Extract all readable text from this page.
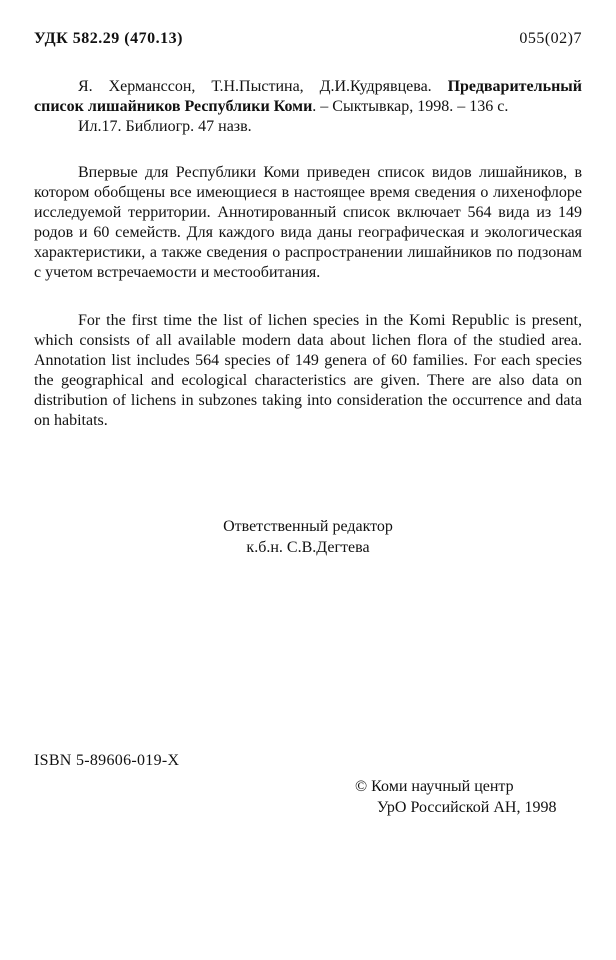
УДК 582.29 (470.13)	055(02)7
Я. Херманссон, Т.Н.Пыстина, Д.И.Кудрявцева. Предварительный список лишайников Республики Коми. – Сыктывкар, 1998. – 136 с.
Ил.17. Библиогр. 47 назв.

Впервые для Республики Коми приведен список видов лишайников, в котором обобщены все имеющиеся в настоящее время сведения о лихенофлоре исследуемой территории. Аннотированный список включает 564 вида из 149 родов и 60 семейств. Для каждого вида даны географическая и экологическая характеристики, а также сведения о распространении лишайников по подзонам с учетом встречаемости и местообитания.

For the first time the list of lichen species in the Komi Republic is present, which consists of all available modern data about lichen flora of the studied area. Annotation list includes 564 species of 149 genera of 60 families. For each species the geographical and ecological characteristics are given. There are also data on distribution of lichens in subzones taking into consideration the occurrence and data on habitats.

Ответственный редактор
к.б.н. С.В.Дегтева
ISBN 5-89606-019-X
© Коми научный центр
УрО Российской АН, 1998
